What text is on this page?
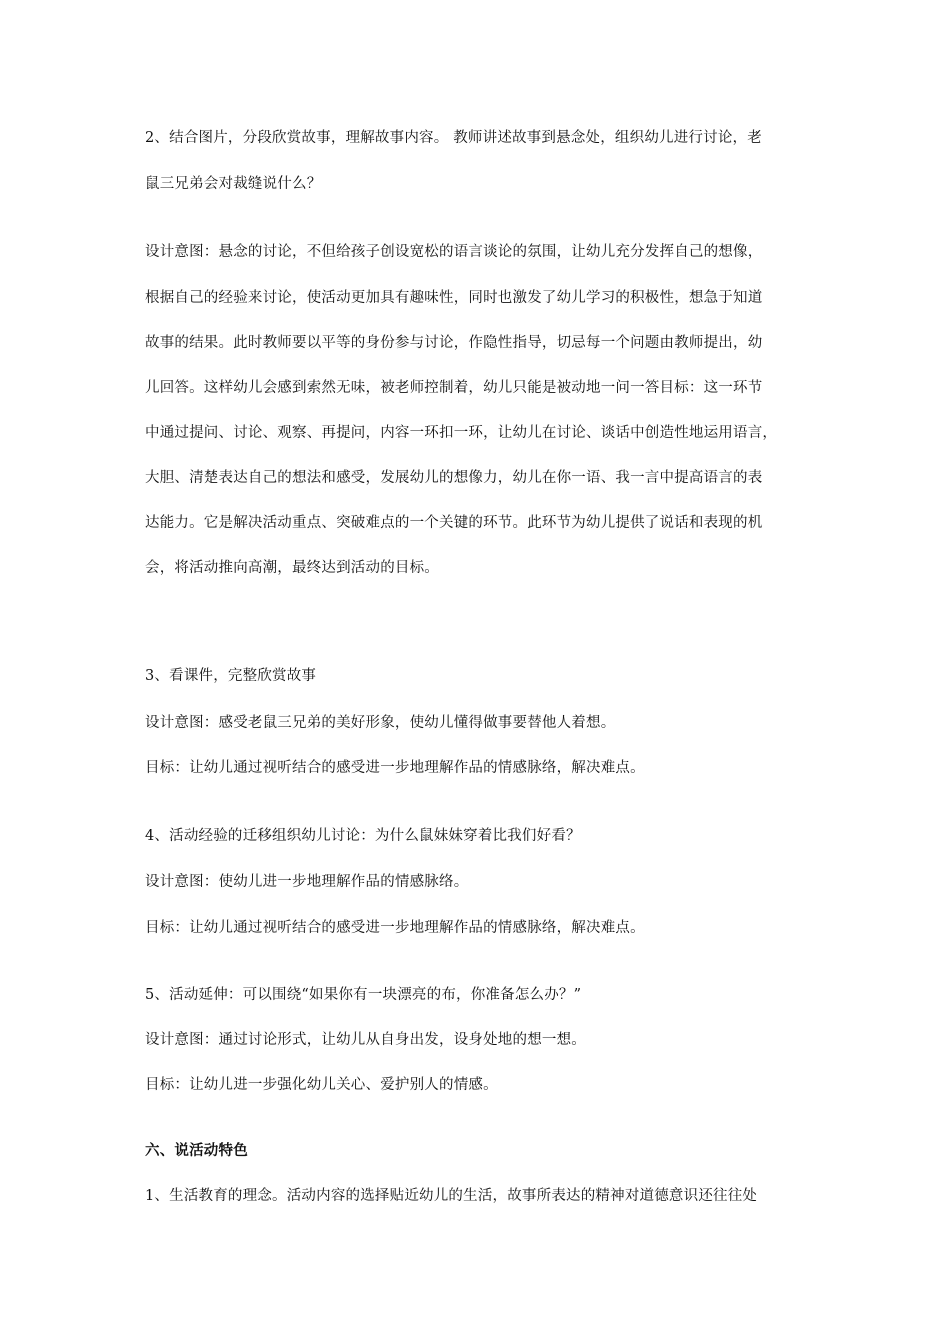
2、结合图片，分段欣赏故事，理解故事内容。 教师讲述故事到悬念处，组织幼儿进行讨论，老
鼠三兄弟会对裁缝说什么？
设计意图：悬念的讨论，不但给孩子创设宽松的语言谈论的氛围，让幼儿充分发挥自己的想像，
根据自己的经验来讨论，使活动更加具有趣味性，同时也激发了幼儿学习的积极性，想急于知道
故事的结果。此时教师要以平等的身份参与讨论，作隐性指导，切忌每一个问题由教师提出，幼
儿回答。这样幼儿会感到索然无味，被老师控制着，幼儿只能是被动地一问一答目标：这一环节
中通过提问、讨论、观察、再提问，内容一环扣一环，让幼儿在讨论、谈话中创造性地运用语言，
大胆、清楚表达自己的想法和感受，发展幼儿的想像力，幼儿在你一语、我一言中提高语言的表
达能力。它是解决活动重点、突破难点的一个关键的环节。此环节为幼儿提供了说话和表现的机
会，将活动推向高潮，最终达到活动的目标。
3、看课件，完整欣赏故事
设计意图：感受老鼠三兄弟的美好形象，使幼儿懂得做事要替他人着想。
目标：让幼儿通过视听结合的感受进一步地理解作品的情感脉络，解决难点。
4、活动经验的迁移组织幼儿讨论：为什么鼠妹妹穿着比我们好看？
设计意图：使幼儿进一步地理解作品的情感脉络。
目标：让幼儿通过视听结合的感受进一步地理解作品的情感脉络，解决难点。
5、活动延伸：可以围绕“如果你有一块漂亮的布，你准备怎么办？”
设计意图：通过讨论形式，让幼儿从自身出发，设身处地的想一想。
目标：让幼儿进一步强化幼儿关心、爱护别人的情感。
六、说活动特色
1、生活教育的理念。活动内容的选择贴近幼儿的生活，故事所表达的精神对道德意识还往往处
